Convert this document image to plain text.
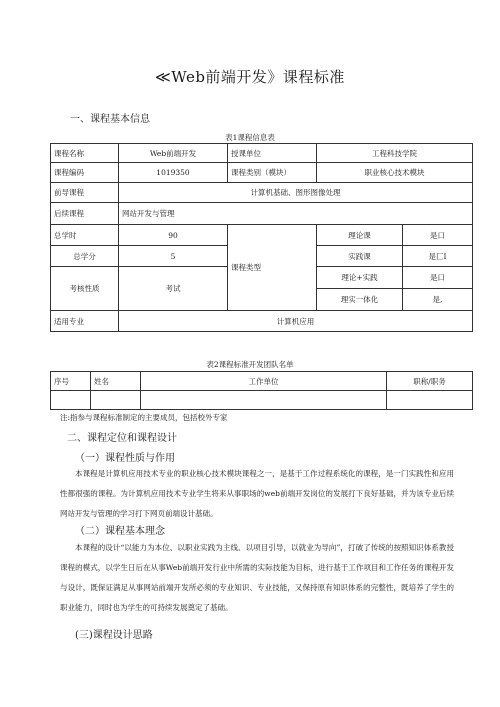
≪Web前端开发》课程标准
一、课程基本信息
表1课程信息表
课程名称	Web前端开发	授课单位	工程科技学院	
课程编码	1019350	课程类别（模块）	职业核心技术模块	
前导课程	计算机基础、图形图像处理			
后续课程	网站开发与管理			
总学时	90	课程类型	理论课	是口
总学分	5		实践课	是匚I
考核性质	考试		理论+实践	是口
			理实一体化	是,
适用专业	计算机应用			
表2课程标准开发团队名单
序号	姓名	工作单位	职称/职务

注:指参与课程标准制定的主要成员，包括校外专家
二、课程定位和课程设计
（一）课程性质与作用

本课程是计算机应用技术专业的职业核心技术模块课程之一，是基于工作过程系统化的课程，是一门实践性和应用性都很强的课程。为计算机应用技术专业学生将来从事职场的web前端开发岗位的发展打下良好基础，并为该专业后续网站开发与管理的学习打下网页前端设计基础。

（二）课程基本理念

本课程的设计“以能力为本位、以职业实践为主线、以项目引导，以就业为导向”，打破了传统的按照知识体系教授课程的模式，以学生日后在从事Web前端开发行业中所需的实际技能为目标，进行基于工作项目和工作任务的课程开发与设计，既保证满足从事网站前端开发所必须的专业知识、专业技能，又保持原有知识体系的完整性，既培养了学生的职业能力，同时也为学生的可持续发展奠定了基础。

(三)课程设计思路
